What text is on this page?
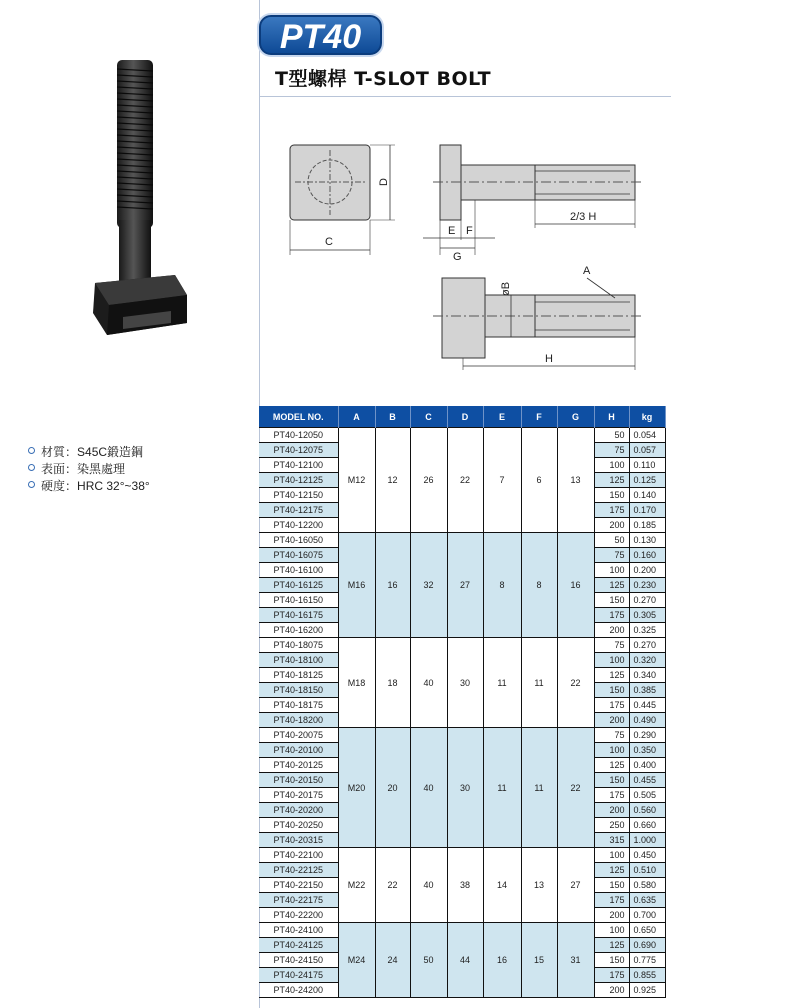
PT40
T型螺桿 T-SLOT BOLT
材質：S45C鍛造鋼
表面：染黑處理
硬度：HRC 32°~38°
D
C
E F
G
2/3 H
øB
A
H
MODEL NO.	A	B	C	D	E	F	G	H	kg
PT40-12050	M12	12	26	22	7	6	13	50	0.054
PT40-12075								75	0.057
PT40-12100								100	0.110
PT40-12125								125	0.125
PT40-12150								150	0.140
PT40-12175								175	0.170
PT40-12200								200	0.185
PT40-16050	M16	16	32	27	8	8	16	50	0.130
PT40-16075								75	0.160
PT40-16100								100	0.200
PT40-16125								125	0.230
PT40-16150								150	0.270
PT40-16175								175	0.305
PT40-16200								200	0.325
PT40-18075	M18	18	40	30	11	11	22	75	0.270
PT40-18100								100	0.320
PT40-18125								125	0.340
PT40-18150								150	0.385
PT40-18175								175	0.445
PT40-18200								200	0.490
PT40-20075	M20	20	40	30	11	11	22	75	0.290
PT40-20100								100	0.350
PT40-20125								125	0.400
PT40-20150								150	0.455
PT40-20175								175	0.505
PT40-20200								200	0.560
PT40-20250								250	0.660
PT40-20315								315	1.000
PT40-22100	M22	22	40	38	14	13	27	100	0.450
PT40-22125								125	0.510
PT40-22150								150	0.580
PT40-22175								175	0.635
PT40-22200								200	0.700
PT40-24100	M24	24	50	44	16	15	31	100	0.650
PT40-24125								125	0.690
PT40-24150								150	0.775
PT40-24175								175	0.855
PT40-24200								200	0.925
